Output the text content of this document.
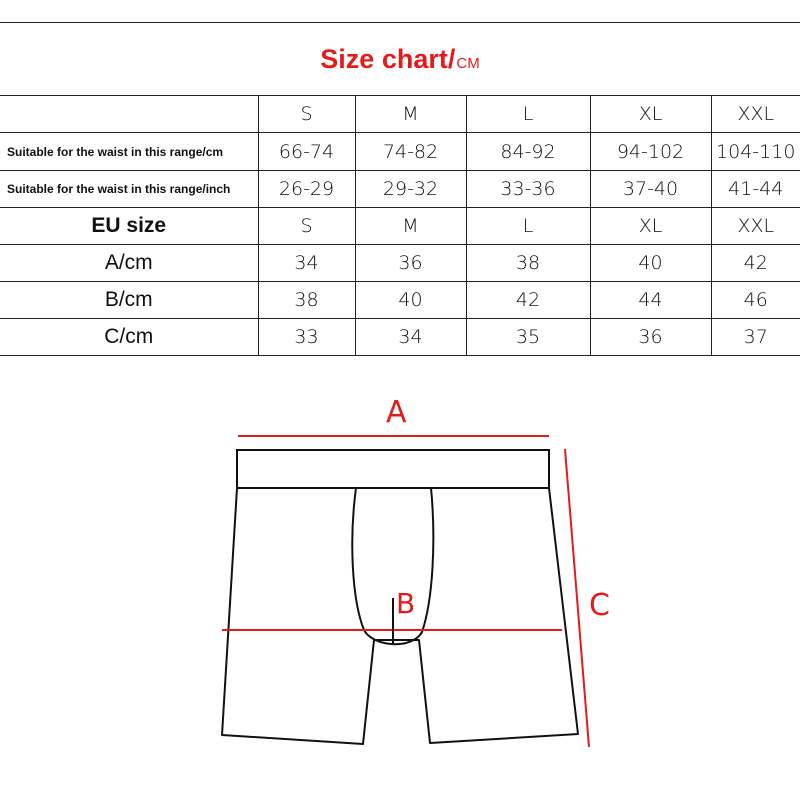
Size chart/ CM
	S	M	L	XL	XXL
Suitable for the waist in this range/cm	66-74	74-82	84-92	94-102	104-110
Suitable for the waist in this range/inch	26-29	29-32	33-36	37-40	41-44
EU size	S	M	L	XL	XXL
A/cm	34	36	38	40	42
B/cm	38	40	42	44	46
C/cm	33	34	35	36	37
A
B	C
